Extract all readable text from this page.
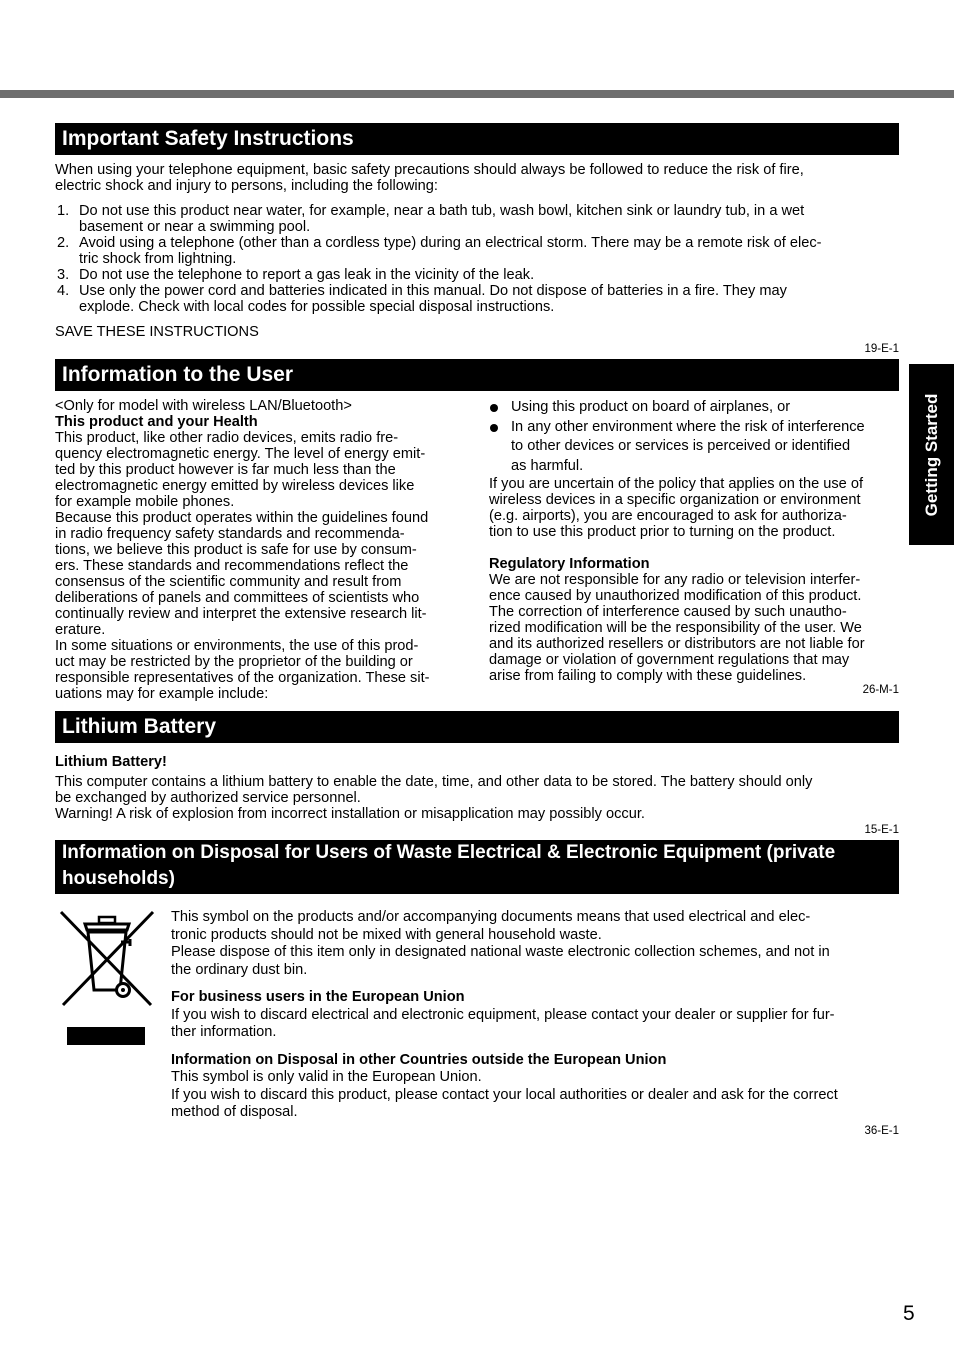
Getting Started
Important Safety Instructions

When using your telephone equipment, basic safety precautions should always be followed to reduce the risk of fire,

electric shock and injury to persons, including the following:

1. Do not use this product near water, for example, near a bath tub, wash bowl, kitchen sink or laundry tub, in a wet
basement or near a swimming pool.
2. Avoid using a telephone (other than a cordless type) during an electrical storm. There may be a remote risk of elec-
tric shock from lightning.
3. Do not use the telephone to report a gas leak in the vicinity of the leak.
4. Use only the power cord and batteries indicated in this manual. Do not dispose of batteries in a fire. They may
explode. Check with local codes for possible special disposal instructions.

SAVE THESE INSTRUCTIONS

19-E-1

Information to the User

<Only for model with wireless LAN/Bluetooth>

This product and your Health

This product, like other radio devices, emits radio fre-

quency electromagnetic energy. The level of energy emit-

ted by this product however is far much less than the

electromagnetic energy emitted by wireless devices like

for example mobile phones.

Because this product operates within the guidelines found

in radio frequency safety standards and recommenda-

tions, we believe this product is safe for use by consum-

ers. These standards and recommendations reflect the

consensus of the scientific community and result from

deliberations of panels and committees of scientists who

continually review and interpret the extensive research lit-

erature.

In some situations or environments, the use of this prod-

uct may be restricted by the proprietor of the building or

responsible representatives of the organization. These sit-

uations may for example include:

Using this product on board of airplanes, or
In any other environment where the risk of interference
to other devices or services is perceived or identified
as harmful.

If you are uncertain of the policy that applies on the use of

wireless devices in a specific organization or environment

(e.g. airports), you are encouraged to ask for authoriza-

tion to use this product prior to turning on the product.

Regulatory Information

We are not responsible for any radio or television interfer-

ence caused by unauthorized modification of this product.

The correction of interference caused by such unautho-

rized modification will be the responsibility of the user. We

and its authorized resellers or distributors are not liable for

damage or violation of government regulations that may

arise from failing to comply with these guidelines.

26-M-1

Lithium Battery

Lithium Battery!

This computer contains a lithium battery to enable the date, time, and other data to be stored. The battery should only

be exchanged by authorized service personnel.

Warning! A risk of explosion from incorrect installation or misapplication may possibly occur.

15-E-1

Information on Disposal for Users of Waste Electrical & Electronic Equipment (private
households)

This symbol on the products and/or accompanying documents means that used electrical and elec-

tronic products should not be mixed with general household waste.

Please dispose of this item only in designated national waste electronic collection schemes, and not in

the ordinary dust bin.

For business users in the European Union

If you wish to discard electrical and electronic equipment, please contact your dealer or supplier for fur-

ther information.

Information on Disposal in other Countries outside the European Union

This symbol is only valid in the European Union.

If you wish to discard this product, please contact your local authorities or dealer and ask for the correct

method of disposal.

36-E-1

5
